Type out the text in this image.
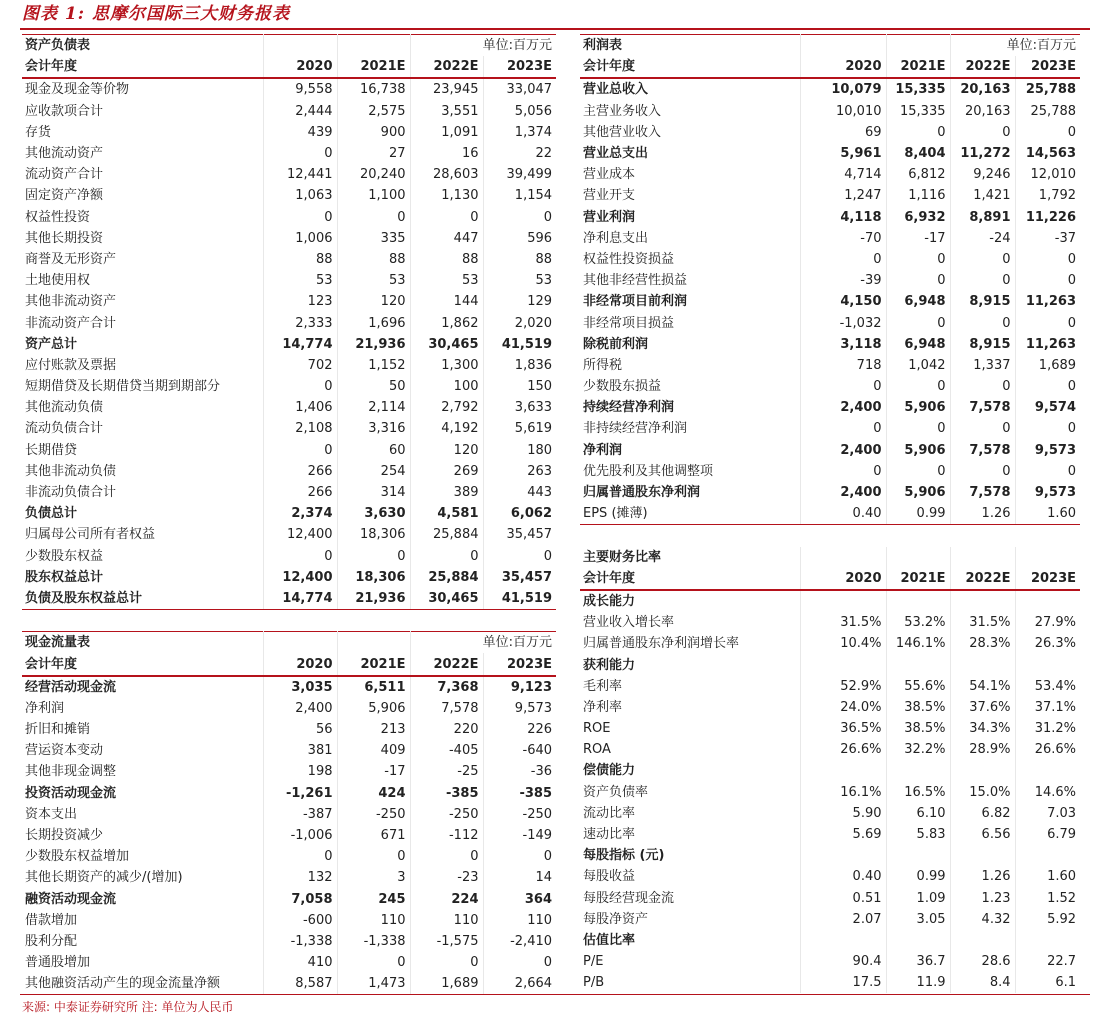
图表 1: 思摩尔国际三大财务报表
资产负债表			单位:百万元	
会计年度	2020	2021E	2022E	2023E
现金及现金等价物	9,558	16,738	23,945	33,047
应收款项合计	2,444	2,575	3,551	5,056
存货	439	900	1,091	1,374
其他流动资产	0	27	16	22
流动资产合计	12,441	20,240	28,603	39,499
固定资产净额	1,063	1,100	1,130	1,154
权益性投资	0	0	0	0
其他长期投资	1,006	335	447	596
商誉及无形资产	88	88	88	88
土地使用权	53	53	53	53
其他非流动资产	123	120	144	129
非流动资产合计	2,333	1,696	1,862	2,020
资产总计	14,774	21,936	30,465	41,519
应付账款及票据	702	1,152	1,300	1,836
短期借贷及长期借贷当期到期部分	0	50	100	150
其他流动负债	1,406	2,114	2,792	3,633
流动负债合计	2,108	3,316	4,192	5,619
长期借贷	0	60	120	180
其他非流动负债	266	254	269	263
非流动负债合计	266	314	389	443
负债总计	2,374	3,630	4,581	6,062
归属母公司所有者权益	12,400	18,306	25,884	35,457
少数股东权益	0	0	0	0
股东权益总计	12,400	18,306	25,884	35,457
负债及股东权益总计	14,774	21,936	30,465	41,519

现金流量表			单位:百万元	
会计年度	2020	2021E	2022E	2023E
经营活动现金流	3,035	6,511	7,368	9,123
净利润	2,400	5,906	7,578	9,573
折旧和摊销	56	213	220	226
营运资本变动	381	409	-405	-640
其他非现金调整	198	-17	-25	-36
投资活动现金流	-1,261	424	-385	-385
资本支出	-387	-250	-250	-250
长期投资减少	-1,006	671	-112	-149
少数股东权益增加	0	0	0	0
其他长期资产的减少/(增加)	132	3	-23	14
融资活动现金流	7,058	245	224	364
借款增加	-600	110	110	110
股利分配	-1,338	-1,338	-1,575	-2,410
普通股增加	410	0	0	0
其他融资活动产生的现金流量净额	8,587	1,473	1,689	2,664
利润表			单位:百万元	
会计年度	2020	2021E	2022E	2023E
营业总收入	10,079	15,335	20,163	25,788
主营业务收入	10,010	15,335	20,163	25,788
其他营业收入	69	0	0	0
营业总支出	5,961	8,404	11,272	14,563
营业成本	4,714	6,812	9,246	12,010
营业开支	1,247	1,116	1,421	1,792
营业利润	4,118	6,932	8,891	11,226
净利息支出	-70	-17	-24	-37
权益性投资损益	0	0	0	0
其他非经营性损益	-39	0	0	0
非经常项目前利润	4,150	6,948	8,915	11,263
非经常项目损益	-1,032	0	0	0
除税前利润	3,118	6,948	8,915	11,263
所得税	718	1,042	1,337	1,689
少数股东损益	0	0	0	0
持续经营净利润	2,400	5,906	7,578	9,574
非持续经营净利润	0	0	0	0
净利润	2,400	5,906	7,578	9,573
优先股利及其他调整项	0	0	0	0
归属普通股东净利润	2,400	5,906	7,578	9,573
EPS (摊薄)	0.40	0.99	1.26	1.60

主要财务比率				
会计年度	2020	2021E	2022E	2023E
成长能力				
营业收入增长率	31.5%	53.2%	31.5%	27.9%
归属普通股东净利润增长率	10.4%	146.1%	28.3%	26.3%
获利能力				
毛利率	52.9%	55.6%	54.1%	53.4%
净利率	24.0%	38.5%	37.6%	37.1%
ROE	36.5%	38.5%	34.3%	31.2%
ROA	26.6%	32.2%	28.9%	26.6%
偿债能力				
资产负债率	16.1%	16.5%	15.0%	14.6%
流动比率	5.90	6.10	6.82	7.03
速动比率	5.69	5.83	6.56	6.79
每股指标 (元)				
每股收益	0.40	0.99	1.26	1.60
每股经营现金流	0.51	1.09	1.23	1.52
每股净资产	2.07	3.05	4.32	5.92
估值比率				
P/E	90.4	36.7	28.6	22.7
P/B	17.5	11.9	8.4	6.1
来源: 中泰证券研究所 注: 单位为人民币
